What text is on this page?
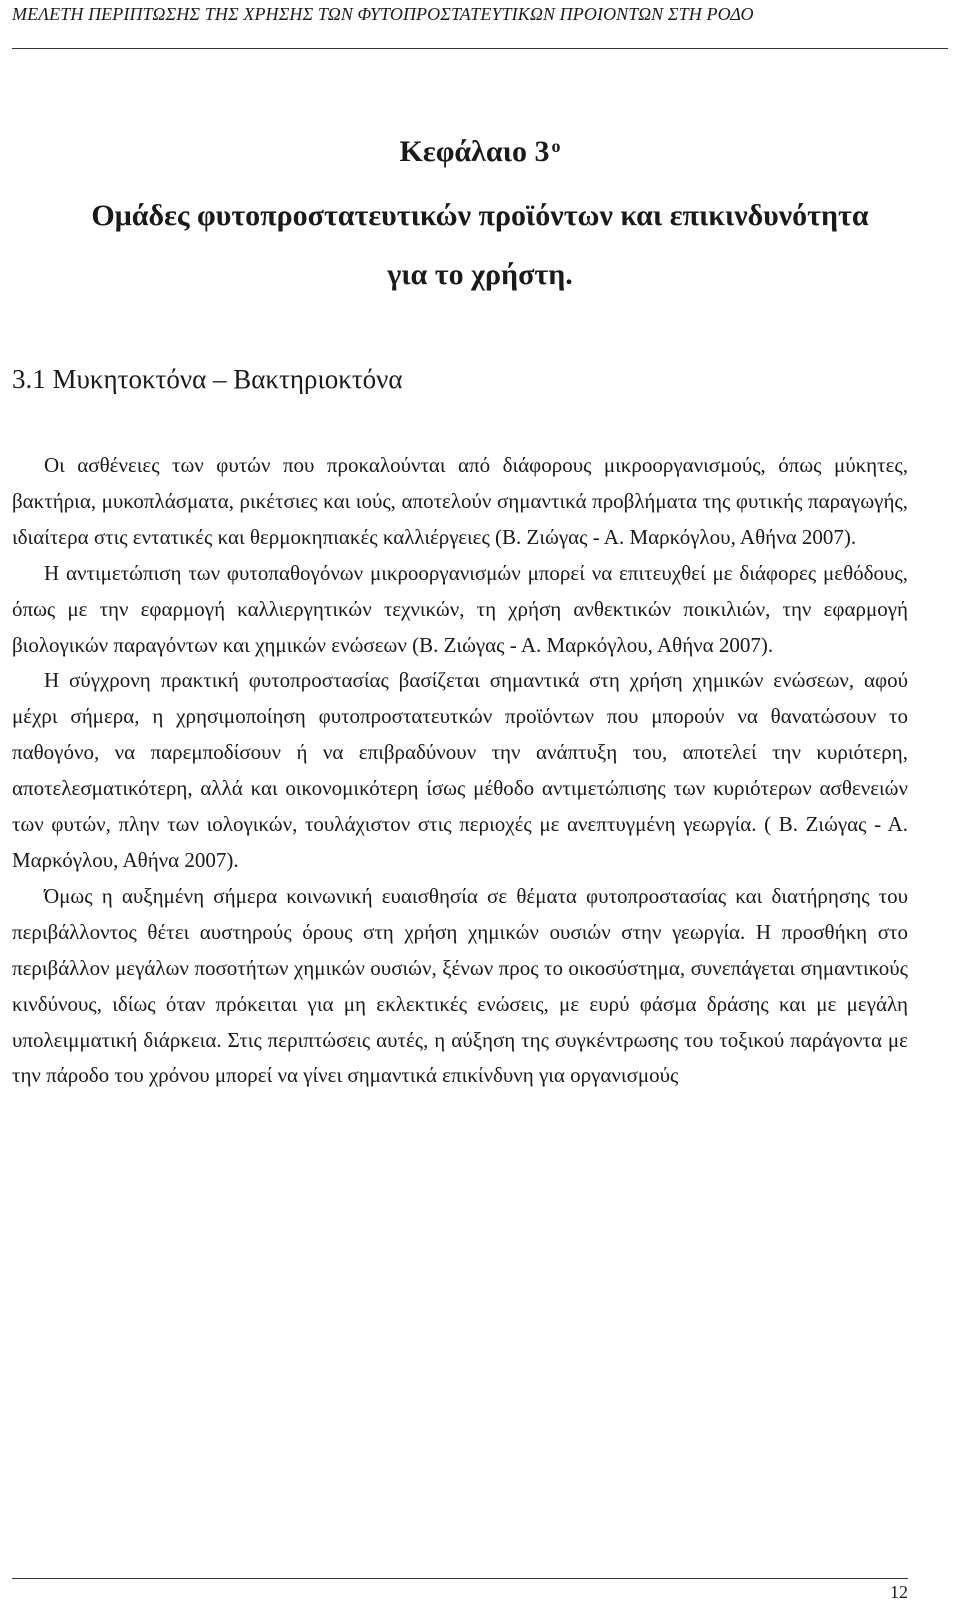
ΜΕΛΕΤΗ ΠΕΡΙΠΤΩΣΗΣ ΤΗΣ ΧΡΗΣΗΣ ΤΩΝ ΦΥΤΟΠΡΟΣΤΑΤΕΥΤΙΚΩΝ ΠΡΟΙΟΝΤΩΝ ΣΤΗ ΡΟΔΟ
Κεφάλαιο 3 $^o$
Ομάδες φυτοπροστατευτικών προϊόντων και επικινδυνότητα
για το χρήστη.
3.1 Μυκητοκτόνα – Βακτηριοκτόνα

Οι ασθένειες των φυτών που προκαλούνται από διάφορους μικροοργανισμούς, όπως μύκητες, βακτήρια, μυκοπλάσματα, ρικέτσιες και ιούς, αποτελούν σημαντικά προβλήματα της φυτικής παραγωγής, ιδιαίτερα στις εντατικές και θερμοκηπιακές καλλιέργειες (Β. Ζιώγας - Α. Μαρκόγλου, Αθήνα 2007).

Η αντιμετώπιση των φυτοπαθογόνων μικροοργανισμών μπορεί να επιτευχθεί με διάφορες μεθόδους, όπως με την εφαρμογή καλλιεργητικών τεχνικών, τη χρήση ανθεκτικών ποικιλιών, την εφαρμογή βιολογικών παραγόντων και χημικών ενώσεων (Β. Ζιώγας - Α. Μαρκόγλου, Αθήνα 2007).

Η σύγχρονη πρακτική φυτοπροστασίας βασίζεται σημαντικά στη χρήση χημικών ενώσεων, αφού μέχρι σήμερα, η χρησιμοποίηση φυτοπροστατευτκών προϊόντων που μπορούν να θανατώσουν το παθογόνο, να παρεμποδίσουν ή να επιβραδύνουν την ανάπτυξη του, αποτελεί την κυριότερη, αποτελεσματικότερη, αλλά και οικονομικότερη ίσως μέθοδο αντιμετώπισης των κυριότερων ασθενειών των φυτών, πλην των ιολογικών, τουλάχιστον στις περιοχές με ανεπτυγμένη γεωργία. ( Β. Ζιώγας - Α. Μαρκόγλου, Αθήνα 2007).

Όμως η αυξημένη σήμερα κοινωνική ευαισθησία σε θέματα φυτοπροστασίας και διατήρησης του περιβάλλοντος θέτει αυστηρούς όρους στη χρήση χημικών ουσιών στην γεωργία. Η προσθήκη στο περιβάλλον μεγάλων ποσοτήτων χημικών ουσιών, ξένων προς το οικοσύστημα, συνεπάγεται σημαντικούς κινδύνους, ιδίως όταν πρόκειται για μη εκλεκτικές ενώσεις, με ευρύ φάσμα δράσης και με μεγάλη υπολειμματική διάρκεια. Στις περιπτώσεις αυτές, η αύξηση της συγκέντρωσης του τοξικού παράγοντα με την πάροδο του χρόνου μπορεί να γίνει σημαντικά επικίνδυνη για οργανισμούς

12
